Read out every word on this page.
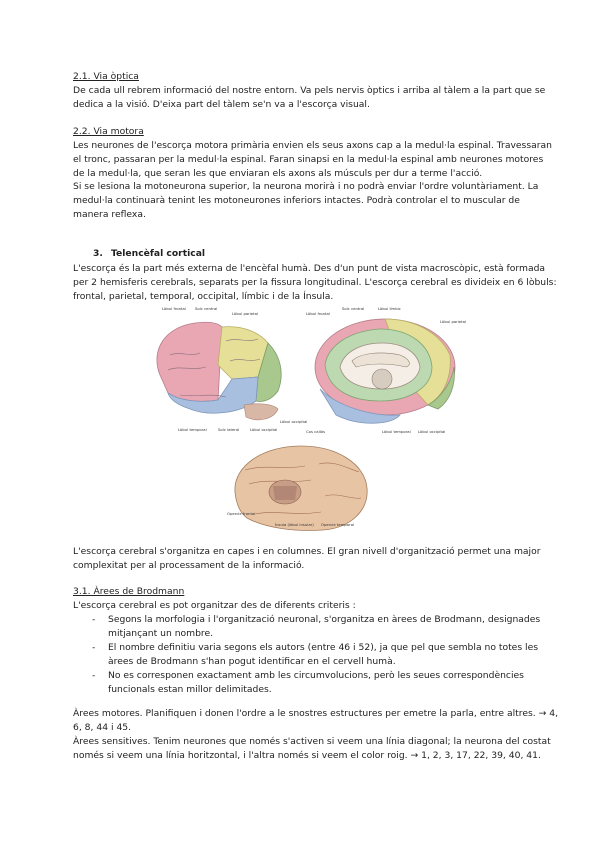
2.1. Via òptica
De cada ull rebrem informació del nostre entorn. Va pels nervis òptics i arriba al tàlem a la part que se
dedica a la visió. D'eixa part del tàlem se'n va a l'escorça visual.
2.2. Via motora
Les neurones de l'escorça motora primària envien els seus axons cap a la medul·la espinal. Travessaran
el tronc, passaran per la medul·la espinal. Faran sinapsi en la medul·la espinal amb neurones motores
de la medul·la, que seran les que enviaran els axons als músculs per dur a terme l'acció.
Si se lesiona la motoneurona superior, la neurona morirà i no podrà enviar l'ordre voluntàriament. La
medul·la continuarà tenint les motoneurones inferiors intactes. Podrà controlar el to muscular de
manera reflexa.
3. Telencèfal cortical
L'escorça és la part més externa de l'encèfal humà. Des d'un punt de vista macroscòpic, està formada
per 2 hemisferis cerebrals, separats per la fissura longitudinal. L'escorça cerebral es divideix en 6 lòbuls:
frontal, parietal, temporal, occipital, límbic i de la Ínsula.
Lòbul frontal Solc central
Lòbul parietal
Lòbul occipital
Lòbul temporal	Solc lateral	Lòbul occipital
Lòbul frontal
Solc central	Lòbul límbic
Cos callós	Lòbul temporal Lòbul occipital
Lòbul parietal
Opercle frontal
Ínsula (lòbul insular) Opercle temporal
L'escorça cerebral s'organitza en capes i en columnes. El gran nivell d'organització permet una major
complexitat per al processament de la informació.
3.1. Àrees de Brodmann
L'escorça cerebral es pot organitzar des de diferents criteris :
- Segons la morfologia i l'organització neuronal, s'organitza en àrees de Brodmann, designades
mitjançant un nombre.
- El nombre definitiu varia segons els autors (entre 46 i 52), ja que pel que sembla no totes les
àrees de Brodmann s'han pogut identificar en el cervell humà.
- No es corresponen exactament amb les circumvolucions, però les seues correspondències
funcionals estan millor delimitades.
Àrees motores. Planifiquen i donen l'ordre a le snostres estructures per emetre la parla, entre altres. → 4,
6, 8, 44 i 45.
Àrees sensitives. Tenim neurones que només s'activen si veem una línia diagonal; la neurona del costat
només si veem una línia horitzontal, i l'altra només si veem el color roig. → 1, 2, 3, 17, 22, 39, 40, 41.
